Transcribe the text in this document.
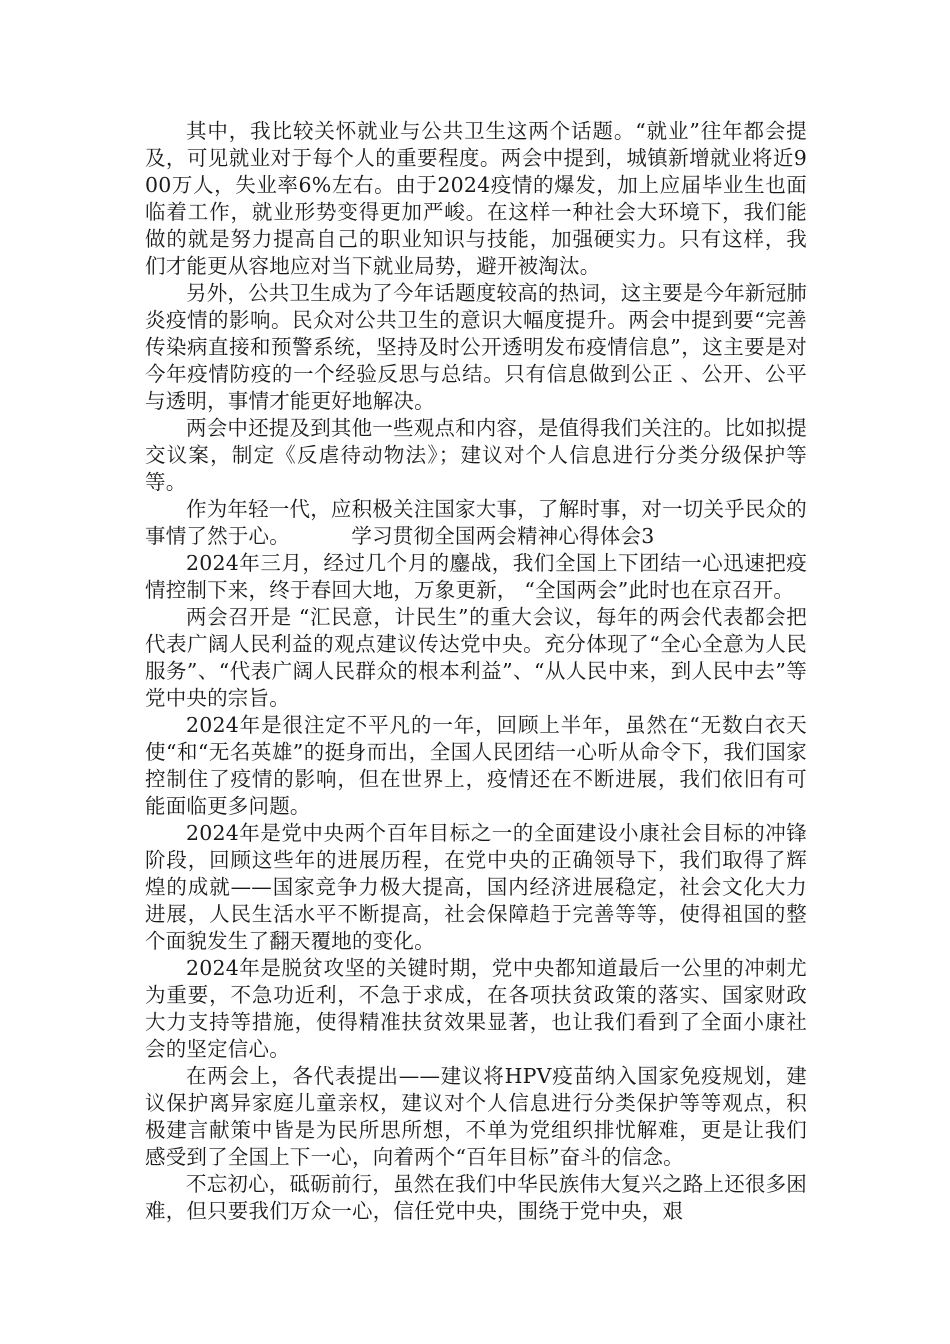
其中，我比较关怀就业与公共卫生这两个话题。“就业”往年都会提及，可见就业对于每个人的重要程度。两会中提到，城镇新增就业将近900万人，失业率6%左右。由于2024疫情的爆发，加上应届毕业生也面临着工作，就业形势变得更加严峻。在这样一种社会大环境下，我们能做的就是努力提高自己的职业知识与技能，加强硬实力。只有这样，我们才能更从容地应对当下就业局势，避开被淘汰。

另外，公共卫生成为了今年话题度较高的热词，这主要是今年新冠肺炎疫情的影响。民众对公共卫生的意识大幅度提升。两会中提到要“完善传染病直接和预警系统，坚持及时公开透明发布疫情信息”，这主要是对今年疫情防疫的一个经验反思与总结。只有信息做到公正 、公开、公平与透明，事情才能更好地解决。

两会中还提及到其他一些观点和内容，是值得我们关注的。比如拟提交议案，制定《反虐待动物法》；建议对个人信息进行分类分级保护等等。

作为年轻一代，应积极关注国家大事，了解时事，对一切关乎民众的事情了然于心。	学习贯彻全国两会精神心得体会3

2024年三月，经过几个月的鏖战，我们全国上下团结一心迅速把疫情控制下来，终于春回大地，万象更新， “全国两会”此时也在京召开。

两会召开是 “汇民意，计民生”的重大会议，每年的两会代表都会把代表广阔人民利益的观点建议传达党中央。充分体现了“全心全意为人民服务”、“代表广阔人民群众的根本利益”、“从人民中来，到人民中去”等党中央的宗旨。

2024年是很注定不平凡的一年，回顾上半年，虽然在“无数白衣天使“和“无名英雄”的挺身而出，全国人民团结一心听从命令下，我们国家控制住了疫情的影响，但在世界上，疫情还在不断进展，我们依旧有可能面临更多问题。

2024年是党中央两个百年目标之一的全面建设小康社会目标的冲锋阶段，回顾这些年的进展历程，在党中央的正确领导下，我们取得了辉煌的成就——国家竞争力极大提高，国内经济进展稳定，社会文化大力进展，人民生活水平不断提高，社会保障趋于完善等等，使得祖国的整个面貌发生了翻天覆地的变化。

2024年是脱贫攻坚的关键时期，党中央都知道最后一公里的冲刺尤为重要，不急功近利，不急于求成，在各项扶贫政策的落实、国家财政大力支持等措施，使得精准扶贫效果显著，也让我们看到了全面小康社会的坚定信心。

在两会上，各代表提出——建议将HPV疫苗纳入国家免疫规划，建议保护离异家庭儿童亲权，建议对个人信息进行分类保护等等观点，积极建言献策中皆是为民所思所想，不单为党组织排忧解难，更是让我们感受到了全国上下一心，向着两个“百年目标”奋斗的信念。

不忘初心，砥砺前行，虽然在我们中华民族伟大复兴之路上还很多困难，但只要我们万众一心，信任党中央，围绕于党中央，艰
